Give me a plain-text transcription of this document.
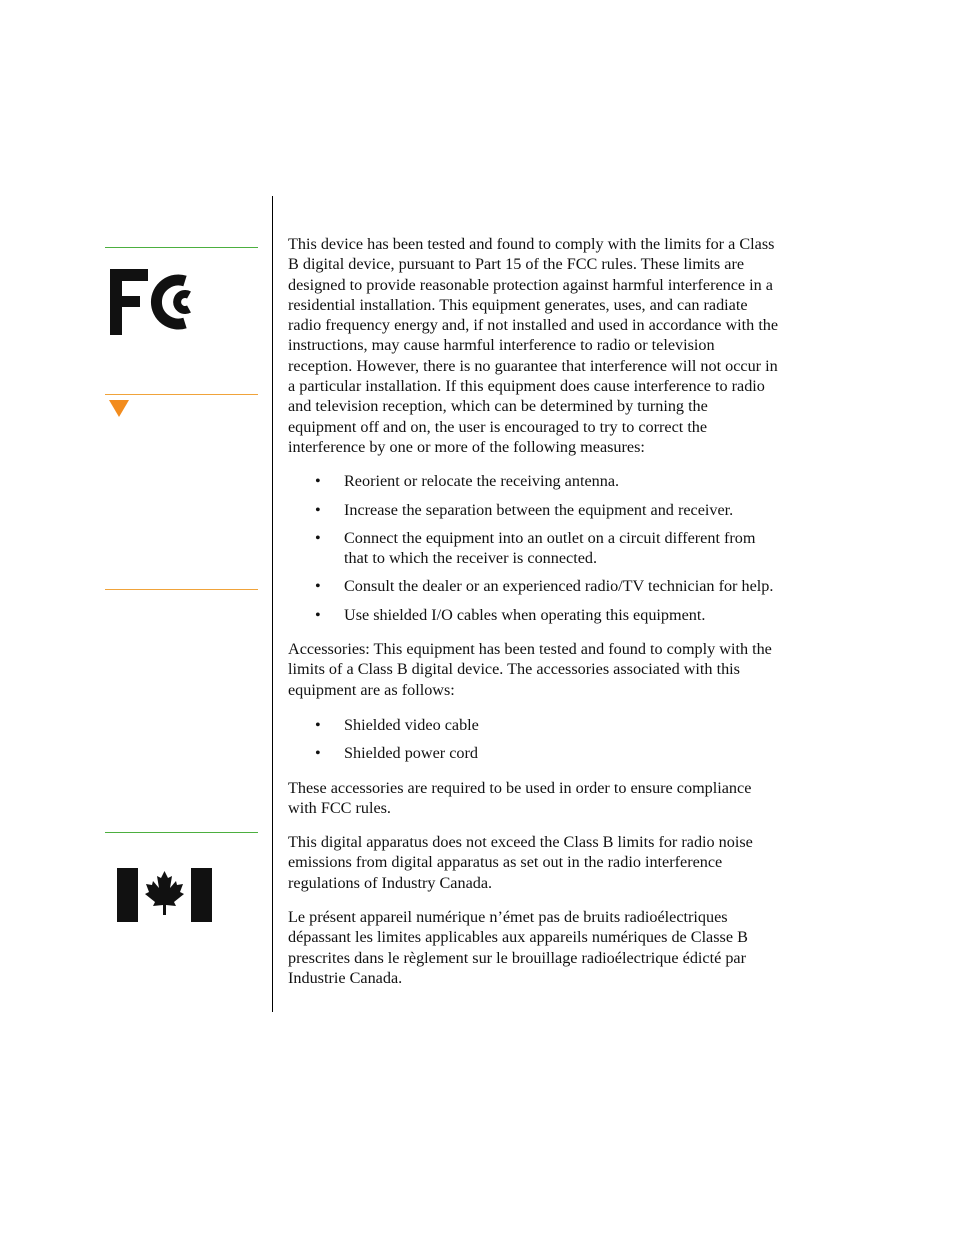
This device has been tested and found to comply with the limits for a Class B digital device, pursuant to Part 15 of the FCC rules. These limits are designed to provide reasonable protection against harmful interference in a residential installation. This equipment generates, uses, and can radiate radio frequency energy and, if not installed and used in accordance with the instructions, may cause harmful interference to radio or television reception. However, there is no guarantee that interference will not occur in a particular installation. If this equipment does cause interference to radio and television reception, which can be determined by turning the equipment off and on, the user is encouraged to try to correct the interference by one or more of the following measures:

• Reorient or relocate the receiving antenna.
• Increase the separation between the equipment and receiver.
• Connect the equipment into an outlet on a circuit different from that to which the receiver is connected.
• Consult the dealer or an experienced radio/TV technician for help.
• Use shielded I/O cables when operating this equipment.

Accessories: This equipment has been tested and found to comply with the limits of a Class B digital device. The accessories associated with this equipment are as follows:

• Shielded video cable
• Shielded power cord

These accessories are required to be used in order to ensure compliance with FCC rules.

This digital apparatus does not exceed the Class B limits for radio noise emissions from digital apparatus as set out in the radio interference regulations of Industry Canada.

Le présent appareil numérique n’émet pas de bruits radioélectriques dépassant les limites applicables aux appareils numériques de Classe B prescrites dans le règlement sur le brouillage radioélectrique édicté par Industrie Canada.
